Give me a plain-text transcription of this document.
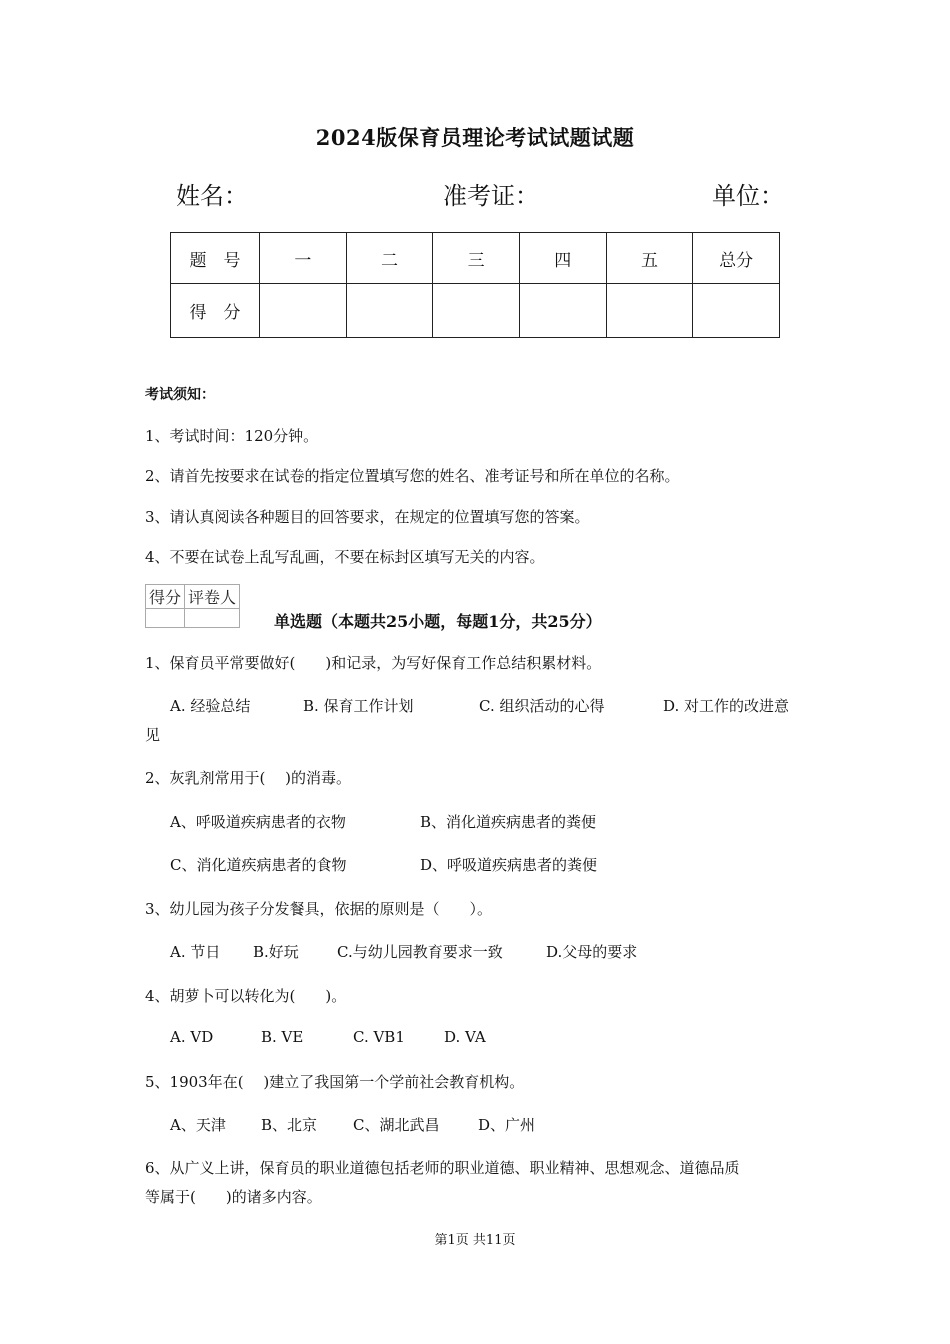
2024版保育员理论考试试题试题
姓名：	准考证：	单位：
题　号	一	二	三	四	五	总分
得　分						
考试须知：
1、考试时间：120分钟。
2、请首先按要求在试卷的指定位置填写您的姓名、准考证号和所在单位的名称。
3、请认真阅读各种题目的回答要求，在规定的位置填写您的答案。
4、不要在试卷上乱写乱画，不要在标封区填写无关的内容。
得分	评卷人

单选题（本题共25小题，每题1分，共25分）
1、保育员平常要做好(　　)和记录，为写好保育工作总结积累材料。
A. 经验总结	B. 保育工作计划	C. 组织活动的心得	D. 对工作的改进意
见
2、灰乳剂常用于(　 )的消毒。
A、呼吸道疾病患者的衣物	B、消化道疾病患者的粪便
C、消化道疾病患者的食物	D、呼吸道疾病患者的粪便
3、幼儿园为孩子分发餐具，依据的原则是（　　）。
A. 节日 B.好玩	C.与幼儿园教育要求一致	D.父母的要求
4、胡萝卜可以转化为(　　)。
A. VD	B. VE	C. VB1	D. VA
5、1903年在(　 )建立了我国第一个学前社会教育机构。
A、天津 B、北京 C、湖北武昌	D、广州
6、从广义上讲，保育员的职业道德包括老师的职业道德、职业精神、思想观念、道德品质
等属于(　　)的诸多内容。
第1页 共11页
